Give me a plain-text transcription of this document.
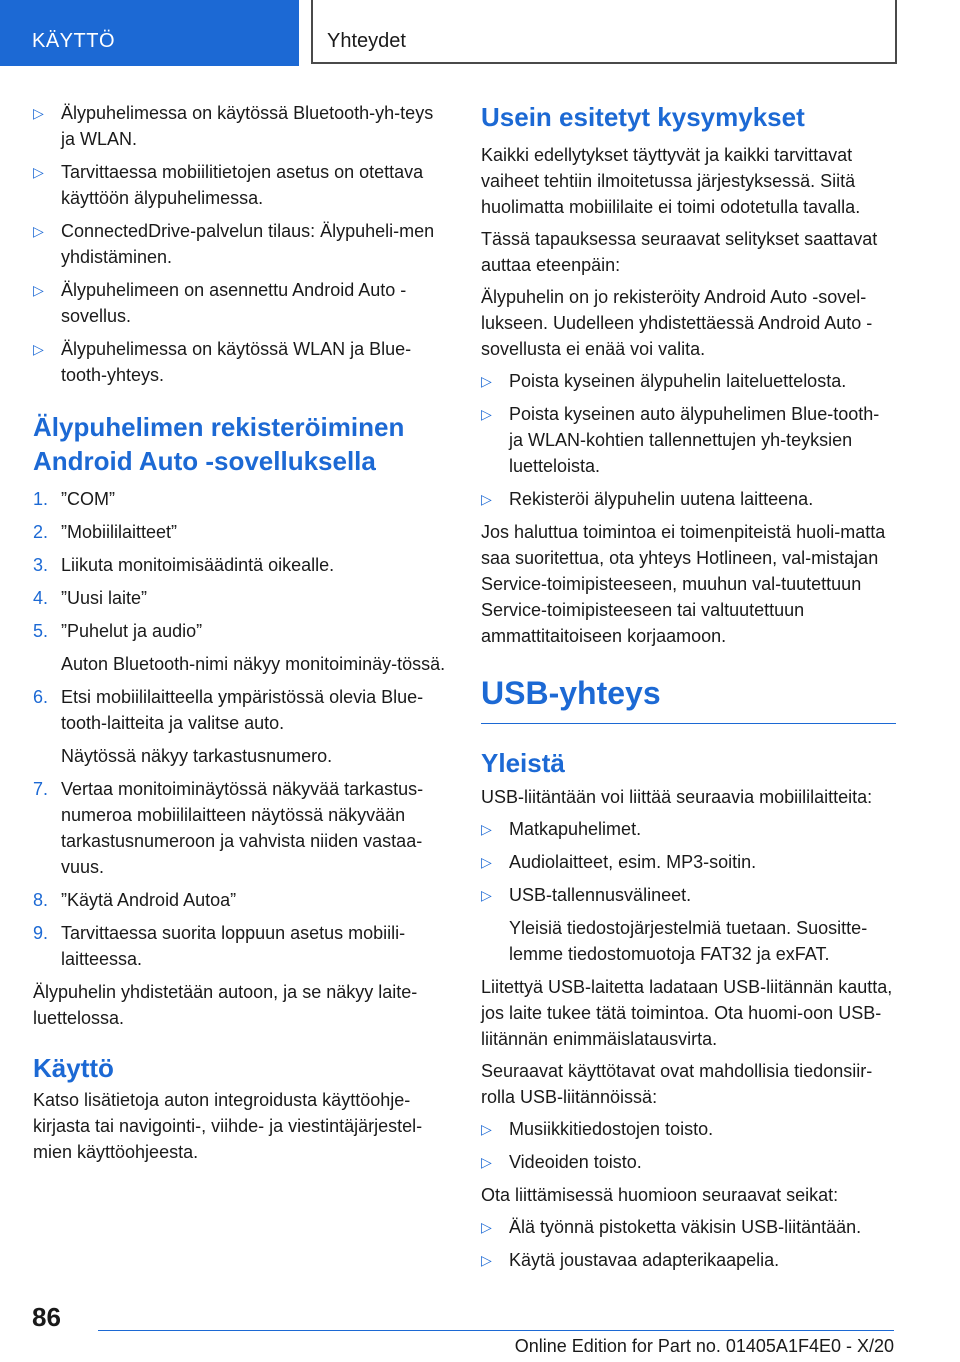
KÄYTTÖ	Yhteydet
▷ Älypuhelimessa on käytössä Bluetooth-yh-teys ja WLAN.
▷ Tarvittaessa mobiilitietojen asetus on otettava käyttöön älypuhelimessa.
▷ ConnectedDrive-palvelun tilaus: Älypuheli-men yhdistäminen.
▷ Älypuhelimeen on asennettu Android Auto -sovellus.
▷ Älypuhelimessa on käytössä WLAN ja Blue-tooth-yhteys.
Älypuhelimen rekisteröiminen Android Auto -sovelluksella
1. ”COM”
2. ”Mobiililaitteet”
3. Liikuta monitoimisäädintä oikealle.
4. ”Uusi laite”
5. ”Puhelut ja audio”
Auton Bluetooth-nimi näkyy monitoiminäy-tössä.
6. Etsi mobiililaitteella ympäristössä olevia Blue-tooth-laitteita ja valitse auto.
Näytössä näkyy tarkastusnumero.
7. Vertaa monitoiminäytössä näkyvää tarkastus-numeroa mobiililaitteen näytössä näkyvään tarkastusnumeroon ja vahvista niiden vastaa-vuus.
8. ”Käytä Android Autoa”
9. Tarvittaessa suorita loppuun asetus mobiili-laitteessa.

Älypuhelin yhdistetään autoon, ja se näkyy laite-luettelossa.

Käyttö

Katso lisätietoja auton integroidusta käyttöohje-kirjasta tai navigointi-, viihde- ja viestintäjärjestel-mien käyttöohjeesta.

Usein esitetyt kysymykset

Kaikki edellytykset täyttyvät ja kaikki tarvittavat vaiheet tehtiin ilmoitetussa järjestyksessä. Siitä huolimatta mobiililaite ei toimi odotetulla tavalla.

Tässä tapauksessa seuraavat selitykset saattavat auttaa eteenpäin:

Älypuhelin on jo rekisteröity Android Auto -sovel-lukseen. Uudelleen yhdistettäessä Android Auto -sovellusta ei enää voi valita.

▷ Poista kyseinen älypuhelin laiteluettelosta.
▷ Poista kyseinen auto älypuhelimen Blue-tooth- ja WLAN-kohtien tallennettujen yh-teyksien luetteloista.
▷ Rekisteröi älypuhelin uutena laitteena.

Jos haluttua toimintoa ei toimenpiteistä huoli-matta saa suoritettua, ota yhteys Hotlineen, val-mistajan Service-toimipisteeseen, muuhun val-tuutettuun Service-toimipisteeseen tai valtuutettuun ammattitaitoiseen korjaamoon.

USB-yhteys
Yleistä

USB-liitäntään voi liittää seuraavia mobiililaitteita:

▷ Matkapuhelimet.
▷ Audiolaitteet, esim. MP3-soitin.
▷ USB-tallennusvälineet.
Yleisiä tiedostojärjestelmiä tuetaan. Suositte-lemme tiedostomuotoja FAT32 ja exFAT.

Liitettyä USB-laitetta ladataan USB-liitännän kautta, jos laite tukee tätä toimintoa. Ota huomi-oon USB-liitännän enimmäislatausvirta.

Seuraavat käyttötavat ovat mahdollisia tiedonsiir-rolla USB-liitännöissä:

▷ Musiikkitiedostojen toisto.
▷ Videoiden toisto.

Ota liittämisessä huomioon seuraavat seikat:

▷ Älä työnnä pistoketta väkisin USB-liitäntään.
▷ Käytä joustavaa adapterikaapelia.
86
Online Edition for Part no. 01405A1F4E0 - X/20
